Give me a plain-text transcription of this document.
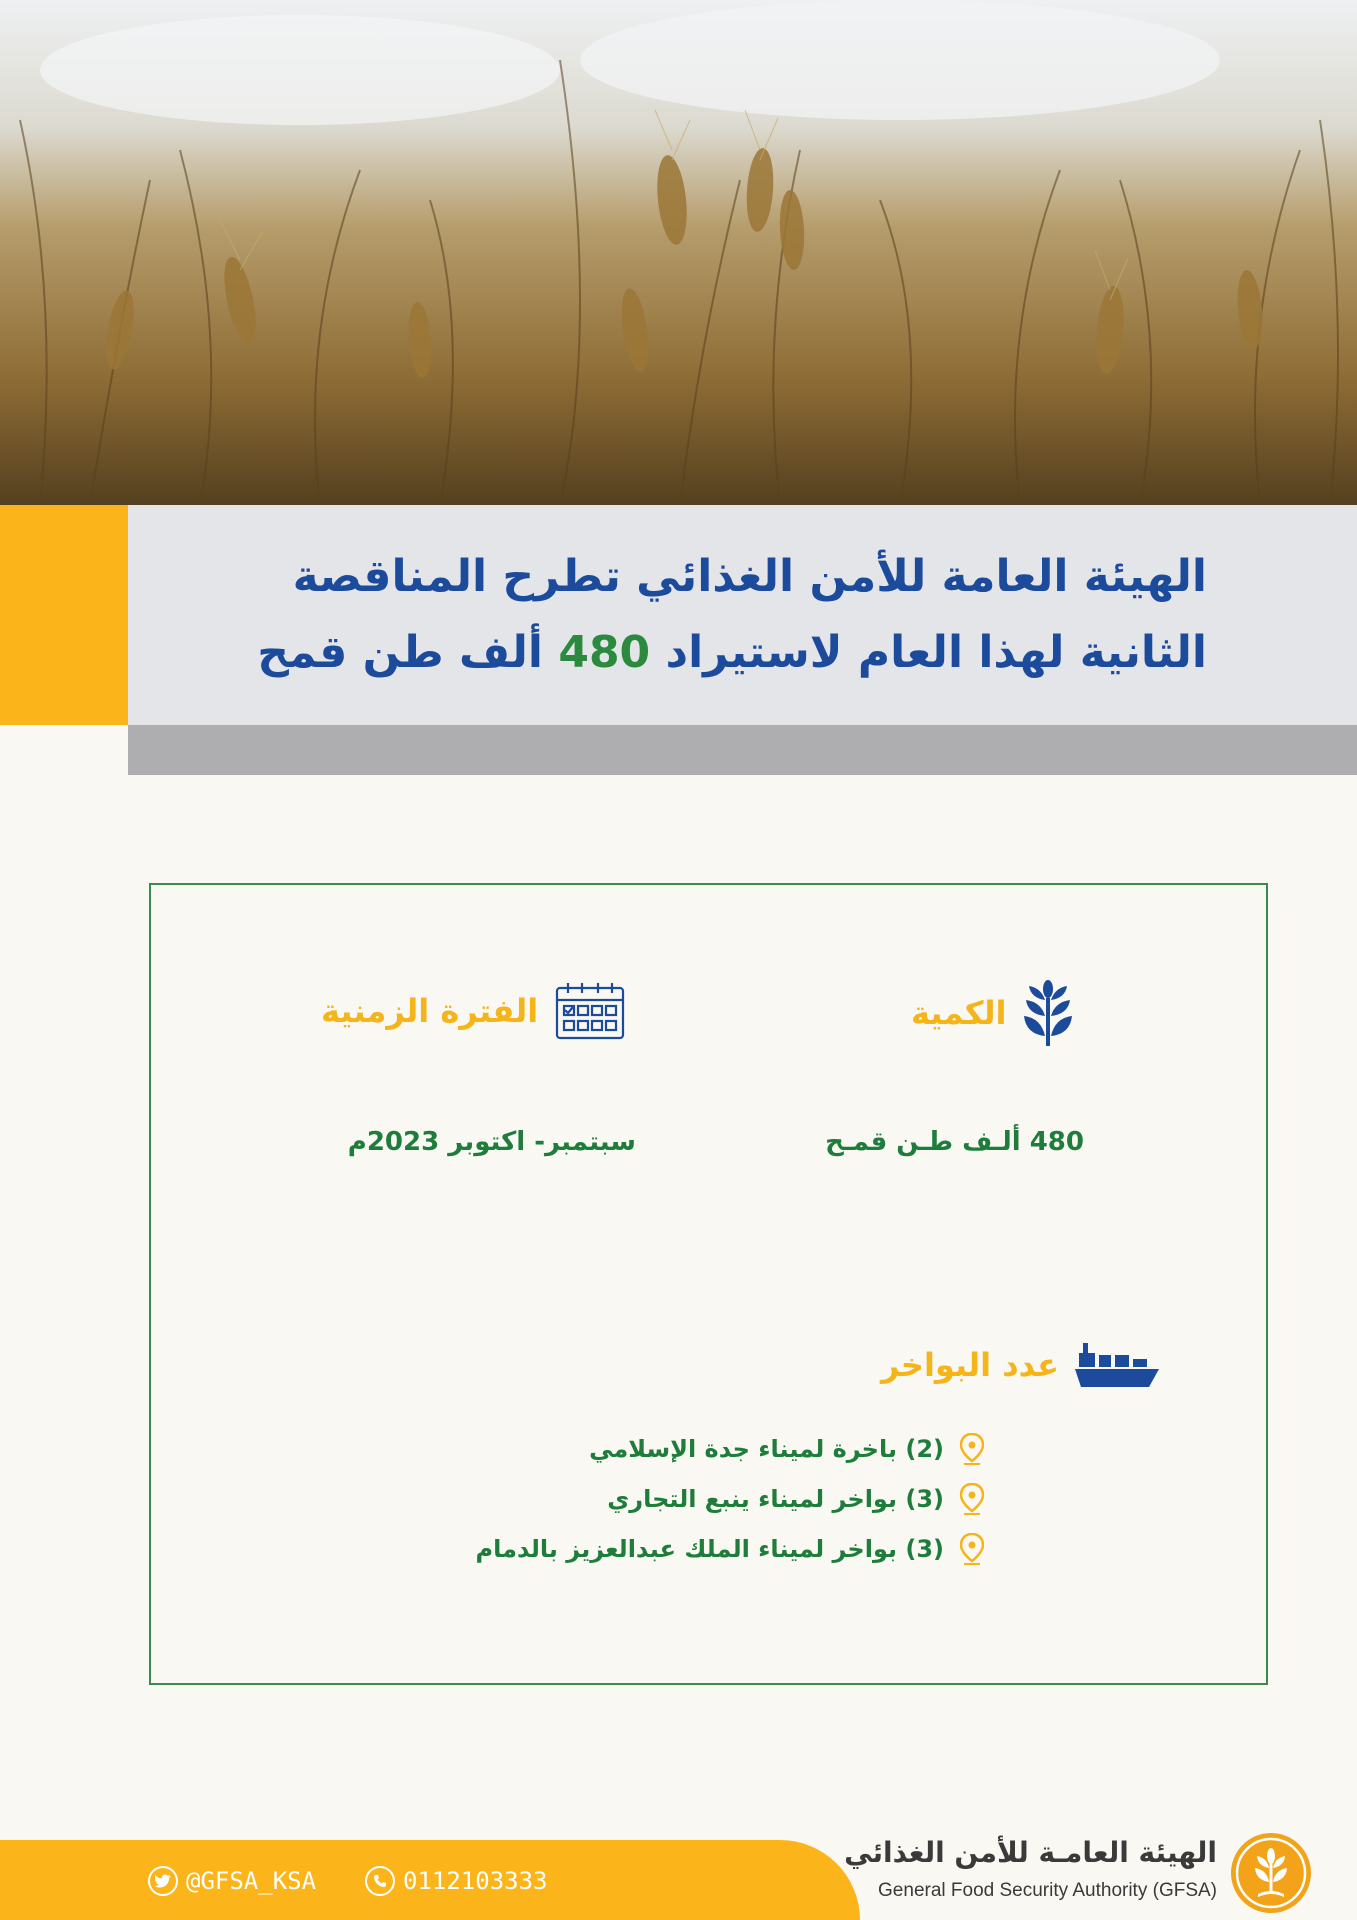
الهيئة العامة للأمن الغذائي تطرح المناقصة
الثانية لهذا العام لاستيراد 480 ألف طن قمح
الكمية
480 ألـف طـن قمـح
الفترة الزمنية
سبتمبر- اكتوبر 2023م
عدد البواخر
(2) باخرة لميناء جدة الإسلامي
(3) بواخر لميناء ينبع التجاري
(3) بواخر لميناء الملك عبدالعزيز بالدمام
@GFSA_KSA	0112103333
الهيئة العامـة للأمن الغذائي
General Food Security Authority (GFSA)
